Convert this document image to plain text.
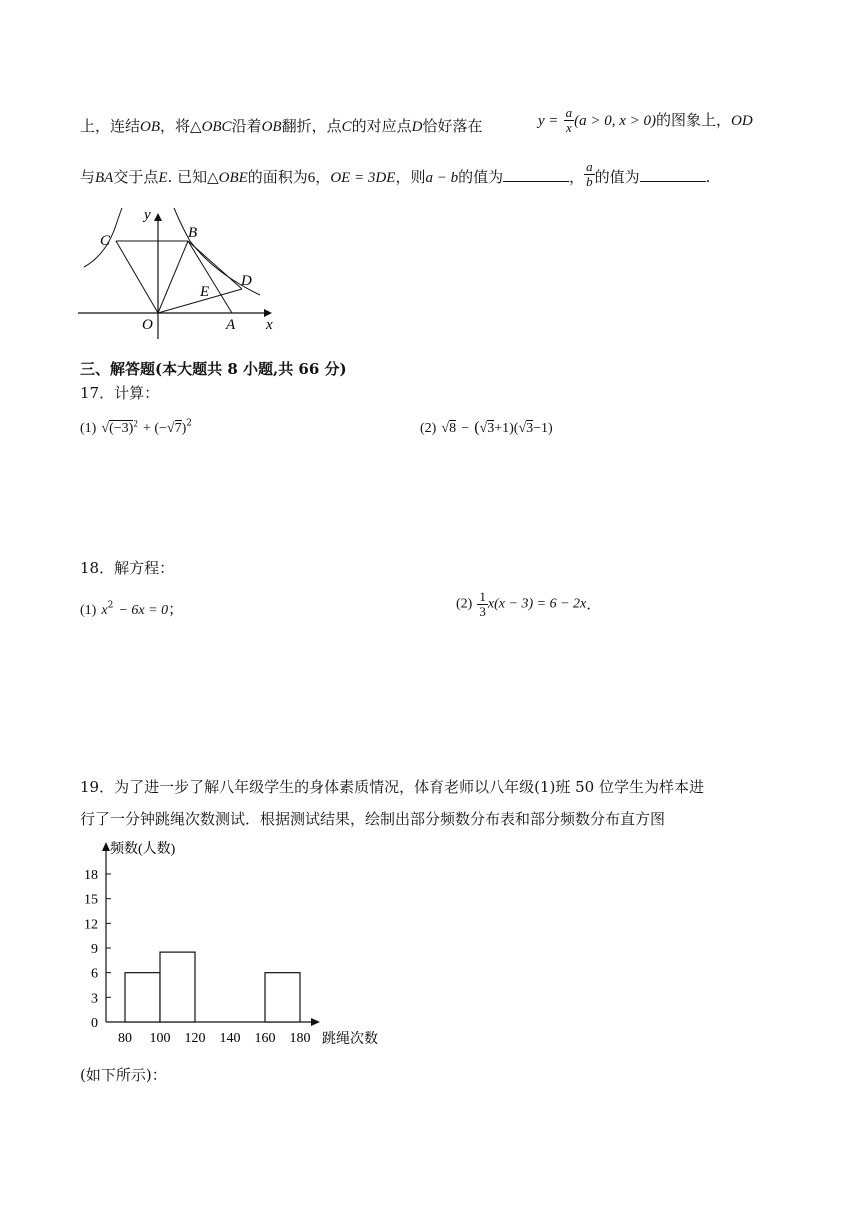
上，连结OB，将△OBC沿着OB翻折，点C的对应点D恰好落在	$y = \frac{a}{x} (a > 0$, x > 0)的图象上，OD
与BA交于点E. 已知△OBE的面积为6，OE = 3DE，则a − b的值为	， $\frac{a}{b}$ 的值为	.
y
x
C	B
D
E
O	A
三、解答题(本大题共 8 小题,共 66 分)
17．计算：
(1) $√(-3)^2 + (-√7)^2$	(2) √8 − (√3+1)(√3−1)
18．解方程：
(1) $x^2 - 6x = 0$；	$(2) \frac{1}{3} x(x - 3) = 6 - 2x$.
19．为了进一步了解八年级学生的身体素质情况，体育老师以八年级(1)班 50 位学生为样本进
行了一分钟跳绳次数测试．根据测试结果，绘制出部分频数分布表和部分频数分布直方图
频数(人数)
跳绳次数
0
3
6
9
12
15
18
80 100 120 140 160 180
(如下所示)：
